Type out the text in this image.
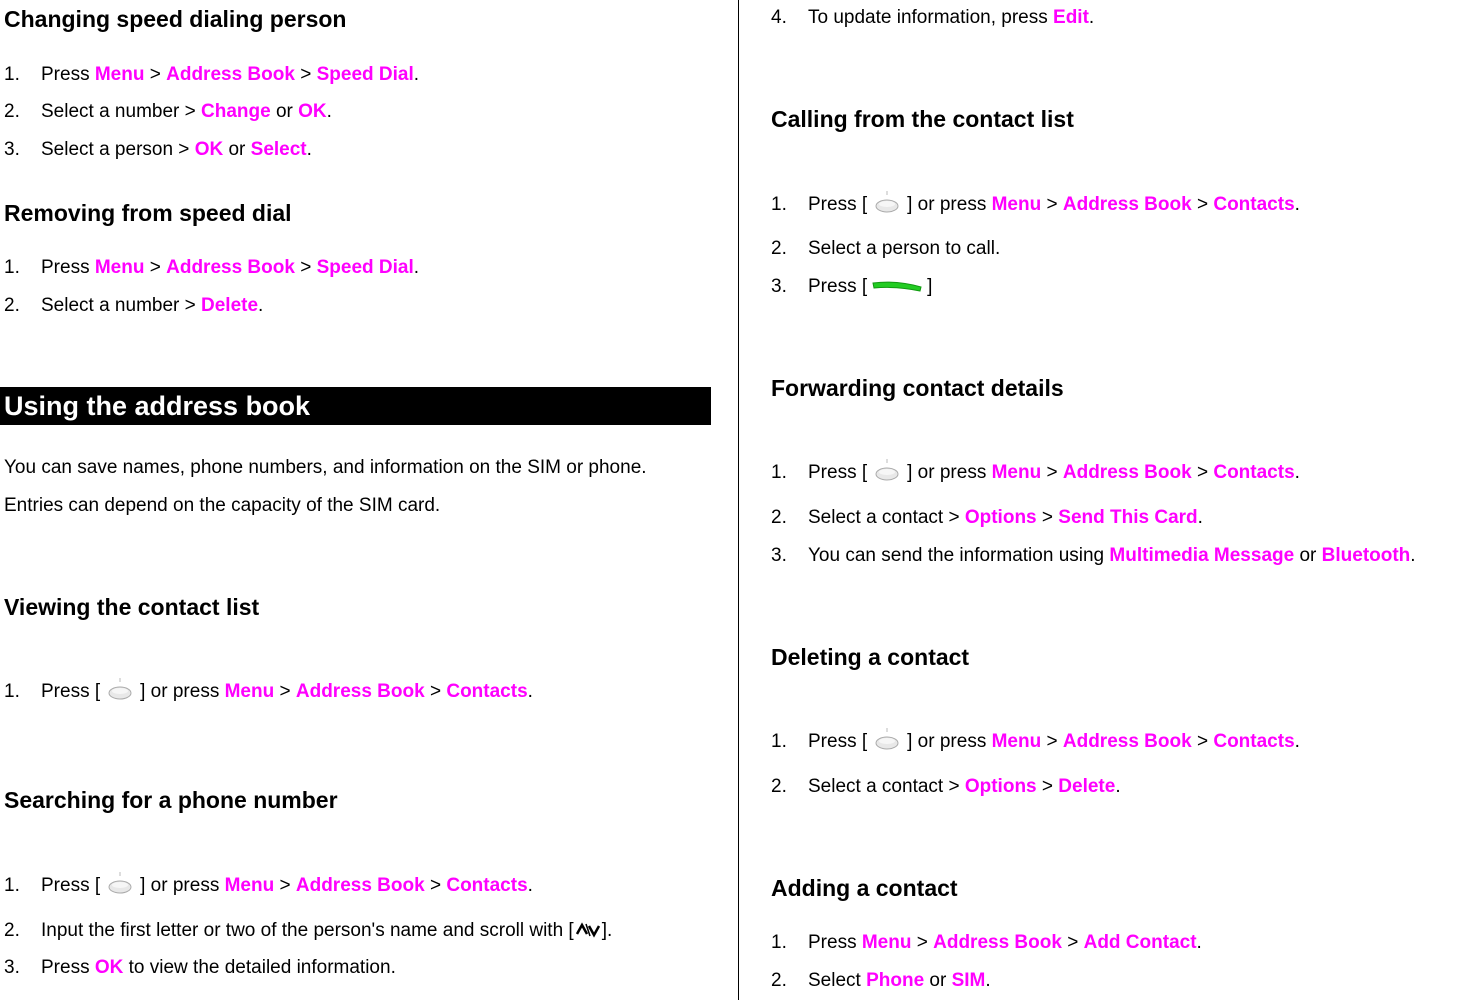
Changing speed dialing person
1. Press Menu > Address Book > Speed Dial.
2. Select a number > Change or OK.
3. Select a person > OK or Select.
Removing from speed dial
1. Press Menu > Address Book > Speed Dial.
2. Select a number > Delete.
Using the address book
You can save names, phone numbers, and information on the SIM or phone.
Entries can depend on the capacity of the SIM card.
Viewing the contact list
1. Press [ ] or press Menu > Address Book > Contacts.
Searching for a phone number
1. Press [ ] or press Menu > Address Book > Contacts.
2. Input the first letter or two of the person's name and scroll with [ ].
3. Press OK to view the detailed information.
4. To update information, press Edit.
Calling from the contact list
1. Press [ ] or press Menu > Address Book > Contacts.
2. Select a person to call.
3. Press [	]
Forwarding contact details
1. Press [ ] or press Menu > Address Book > Contacts.
2. Select a contact > Options > Send This Card.
3. You can send the information using Multimedia Message or Bluetooth.
Deleting a contact
1. Press [ ] or press Menu > Address Book > Contacts.
2. Select a contact > Options > Delete.
Adding a contact
1. Press Menu > Address Book > Add Contact.
2. Select Phone or SIM.
